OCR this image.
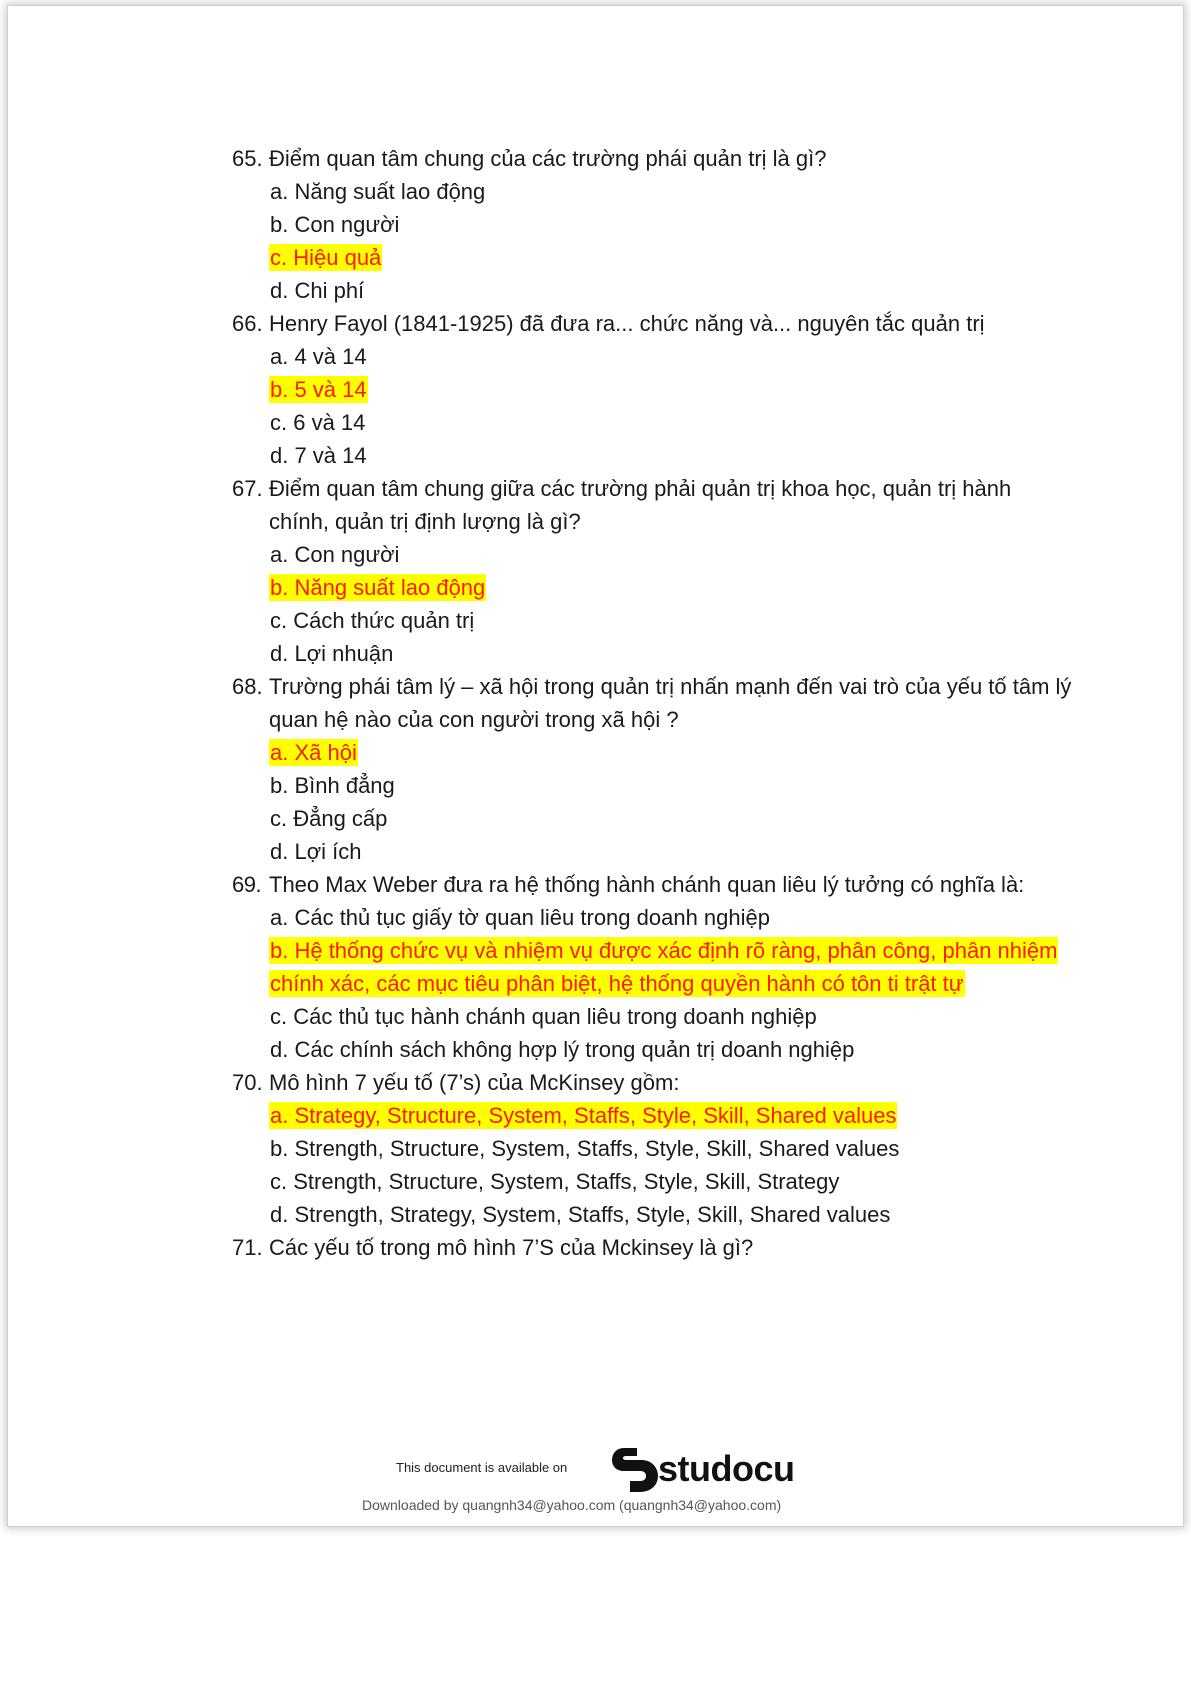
65. Điểm quan tâm chung của các trường phái quản trị là gì?
a. Năng suất lao động
b. Con người
c. Hiệu quả
d. Chi phí
66. Henry Fayol (1841-1925) đã đưa ra... chức năng và... nguyên tắc quản trị
a. 4 và 14
b. 5 và 14
c. 6 và 14
d. 7 và 14
67. Điểm quan tâm chung giữa các trường phải quản trị khoa học, quản trị hành chính, quản trị định lượng là gì?
a. Con người
b. Năng suất lao động
c. Cách thức quản trị
d. Lợi nhuận
68. Trường phái tâm lý – xã hội trong quản trị nhấn mạnh đến vai trò của yếu tố tâm lý quan hệ nào của con người trong xã hội ?
a. Xã hội
b. Bình đẳng
c. Đẳng cấp
d. Lợi ích
69. Theo Max Weber đưa ra hệ thống hành chánh quan liêu lý tưởng có nghĩa là:
a. Các thủ tục giấy tờ quan liêu trong doanh nghiệp
b. Hệ thống chức vụ và nhiệm vụ được xác định rõ ràng, phân công, phân nhiệm chính xác, các mục tiêu phân biệt, hệ thống quyền hành có tôn ti trật tự
c. Các thủ tục hành chánh quan liêu trong doanh nghiệp
d. Các chính sách không hợp lý trong quản trị doanh nghiệp
70. Mô hình 7 yếu tố (7’s) của McKinsey gồm:
a. Strategy, Structure, System, Staffs, Style, Skill, Shared values
b. Strength, Structure, System, Staffs, Style, Skill, Shared values
c. Strength, Structure, System, Staffs, Style, Skill, Strategy
d. Strength, Strategy, System, Staffs, Style, Skill, Shared values
71. Các yếu tố trong mô hình 7’S của Mckinsey là gì?
This document is available on	studocu
Downloaded by quangnh34@yahoo.com (quangnh34@yahoo.com)
